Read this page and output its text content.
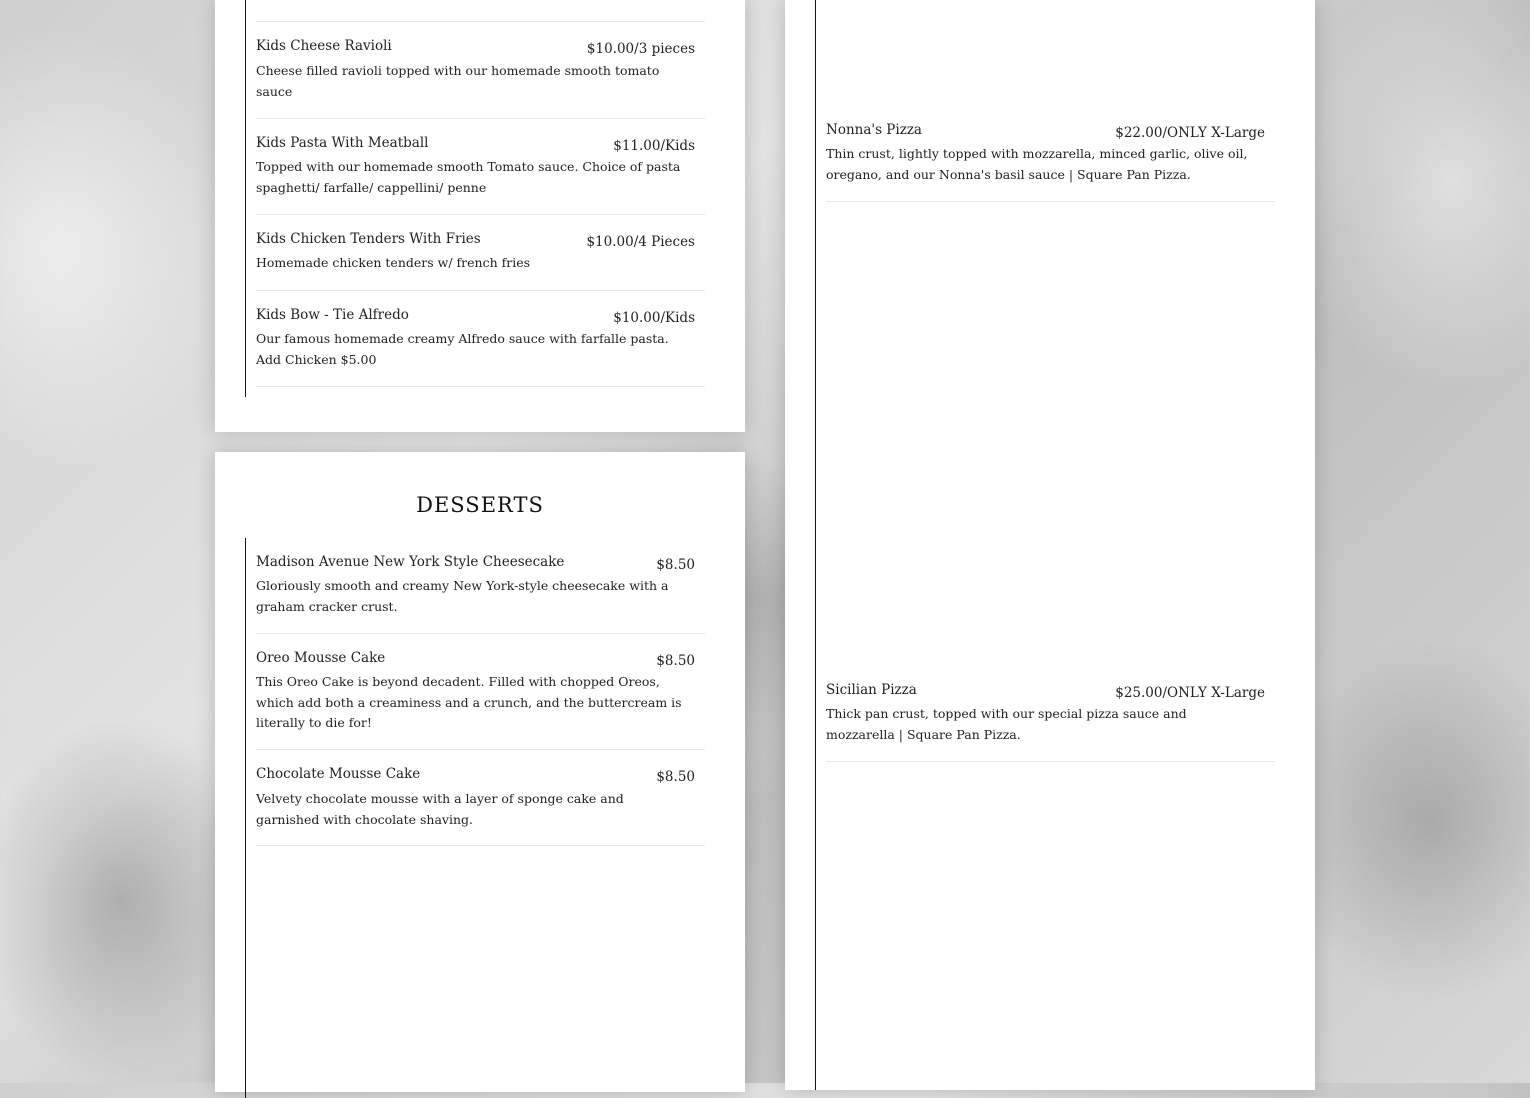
Kids Cheese Ravioli	$10.00/3 pieces
Cheese filled ravioli topped with our homemade smooth tomato sauce
Kids Pasta With Meatball	$11.00/Kids
Topped with our homemade smooth Tomato sauce. Choice of pasta spaghetti/ farfalle/ cappellini/ penne
Kids Chicken Tenders With Fries	$10.00/4 Pieces
Homemade chicken tenders w/ french fries
Kids Bow - Tie Alfredo	$10.00/Kids
Our famous homemade creamy Alfredo sauce with farfalle pasta. Add Chicken $5.00
DESSERTS
Madison Avenue New York Style Cheesecake	$8.50
Gloriously smooth and creamy New York-style cheesecake with a graham cracker crust.
Oreo Mousse Cake	$8.50
This Oreo Cake is beyond decadent. Filled with chopped Oreos, which add both a creaminess and a crunch, and the buttercream is literally to die for!
Chocolate Mousse Cake	$8.50
Velvety chocolate mousse with a layer of sponge cake and garnished with chocolate shaving.
Nonna's Pizza	$22.00/ONLY X-Large
Thin crust, lightly topped with mozzarella, minced garlic, olive oil, oregano, and our Nonna's basil sauce | Square Pan Pizza.
Sicilian Pizza	$25.00/ONLY X-Large
Thick pan crust, topped with our special pizza sauce and mozzarella | Square Pan Pizza.
